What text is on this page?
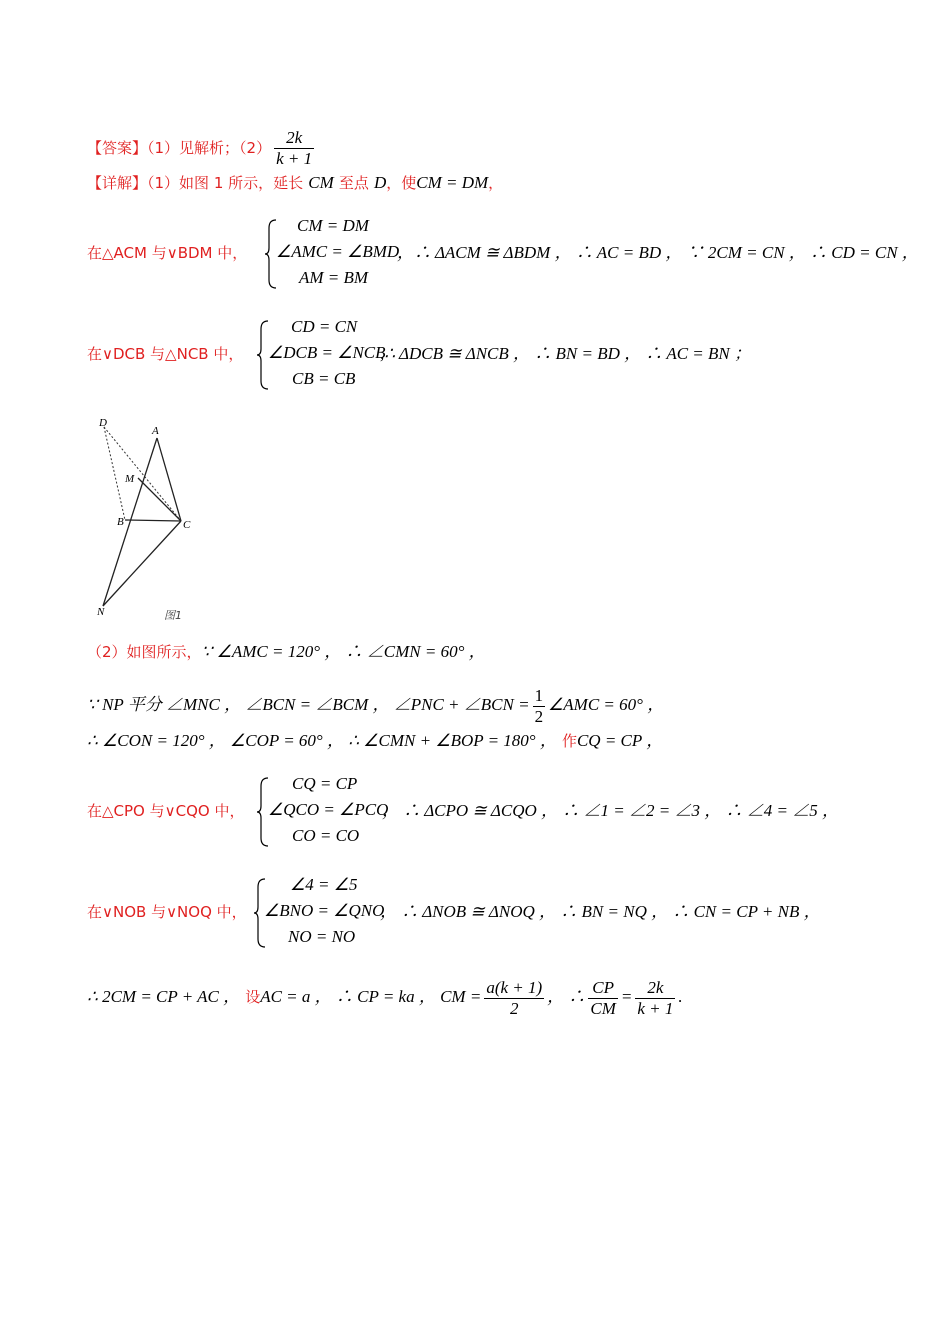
【答案】（1）见解析；$(2) \frac{2k}{k + 1}$
【详解】（1）如图 1 所示，延长 CM 至点 D，使CM = DM，
在△ACM 与∨BDM 中，
CM = DM
∠AMC = ∠BMD
AM = BM
，∴ ΔACM ≅ ΔBDM ， ∴ AC = BD ， ∵ 2CM = CN ， ∴ CD = CN ，
在∨DCB 与△NCB 中，
CD = CN
∠DCB = ∠NCB
CB = CB
,∴ ΔDCB ≅ ΔNCB ， ∴ BN = BD ， ∴ AC = BN ；
D
A
M
B	C
N	图1
（2）如图所示，∵ ∠AMC = 120° ， ∴ ∠CMN = 60° ，
∵ NP 平分 ∠MNC ， ∠BCN = ∠BCM ， ∠PNC + ∠BCN = $\frac{1}{2}$ ∠AMC = 60° ，
∴ ∠CON = 120° ， ∠COP = 60° ， ∴ ∠CMN + ∠BOP = 180° ， 作CQ = CP ，
在△CPO 与∨CQO 中，
CQ = CP
∠QCO = ∠PCO
CO = CO
， ∴ ΔCPO ≅ ΔCQO ， ∴ ∠1 = ∠2 = ∠3 ， ∴ ∠4 = ∠5 ，
在∨NOB 与∨NOQ 中，
∠4 = ∠5
∠BNO = ∠QNO
NO = NO
， ∴ ΔNOB ≅ ΔNOQ ， ∴ BN = NQ ， ∴ CN = CP + NB ，
∴ 2CM = CP + AC ， 设AC = a ， ∴ CP = ka ， CM = $\frac{a(k + 1)}{2}$ ， ∴ $\frac{CP}{CM} = \frac{2k}{k + 1}$ .
